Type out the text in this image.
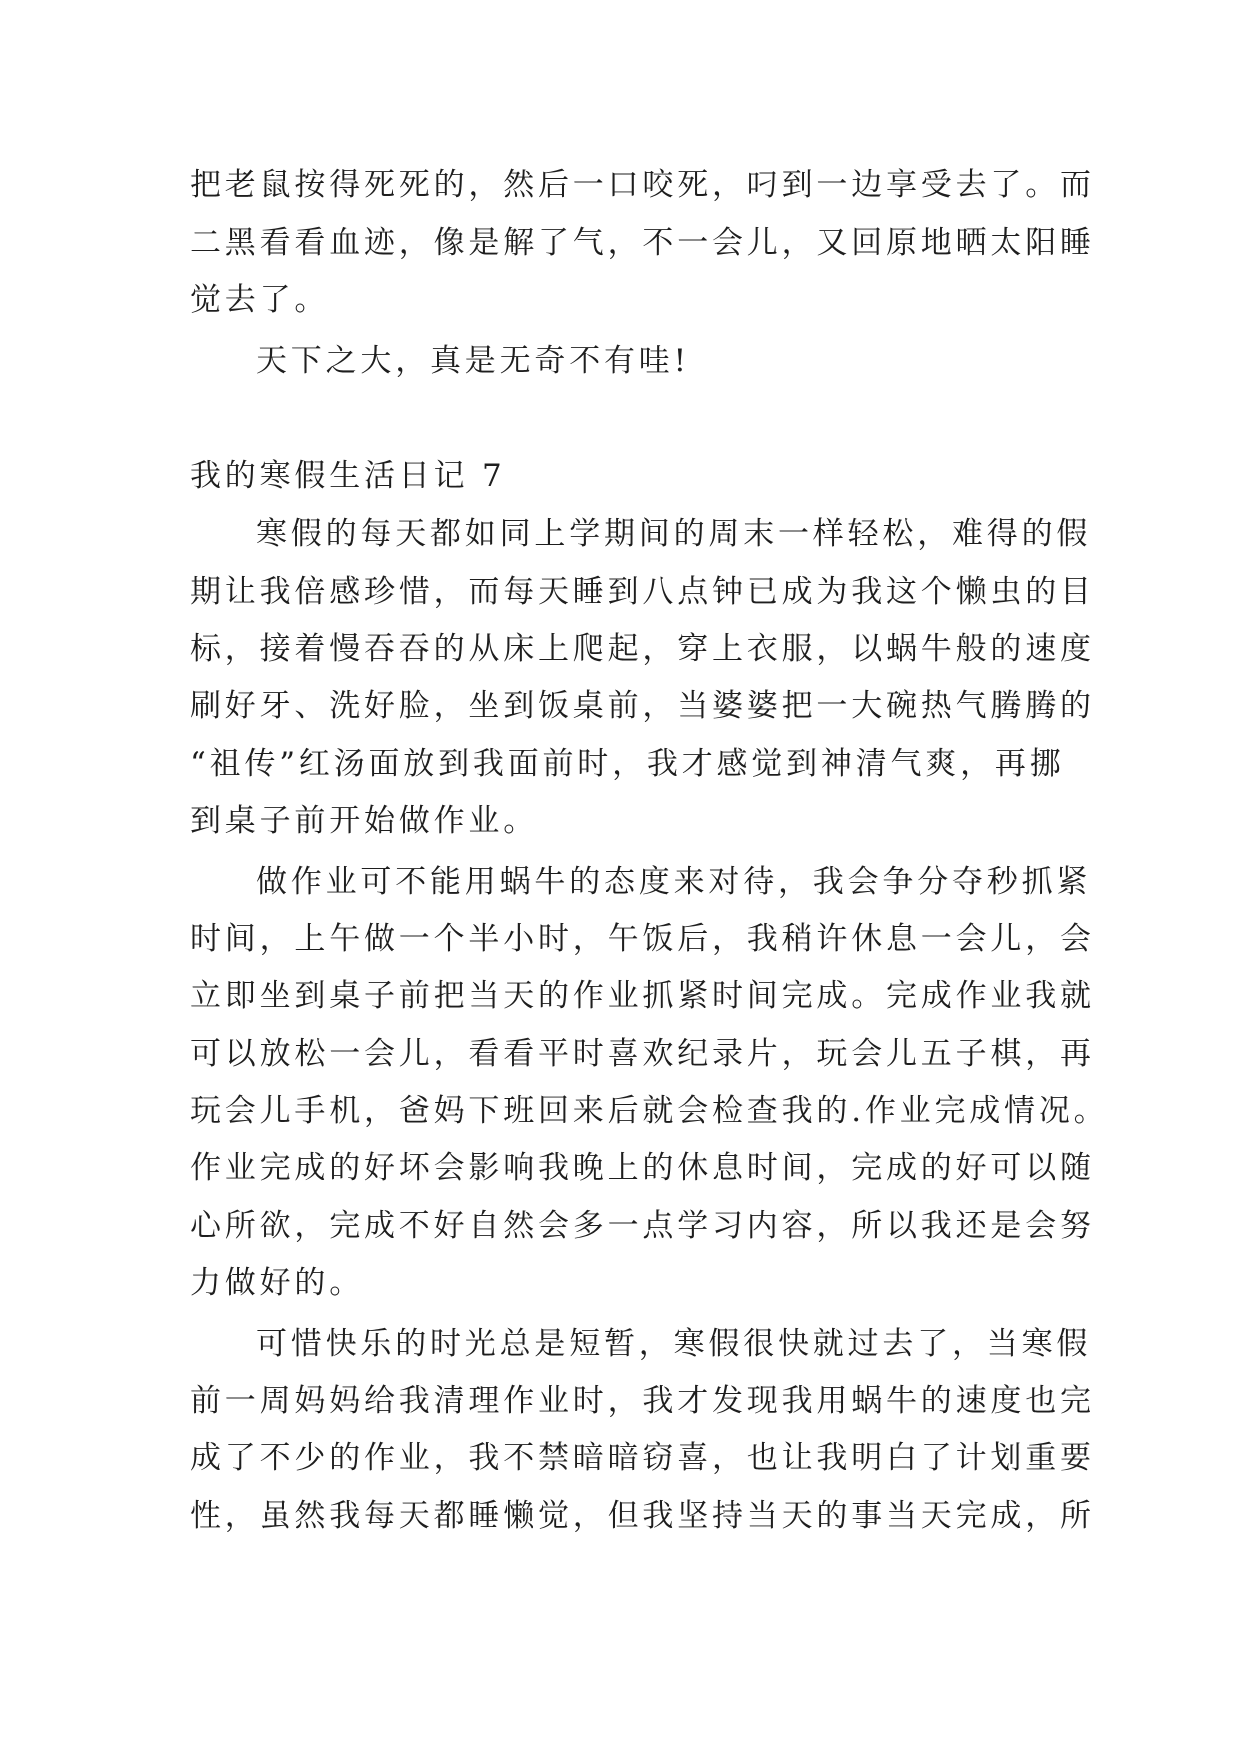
把老鼠按得死死的，然后一口咬死，叼到一边享受去了。而
二黑看看血迹，像是解了气，不一会儿，又回原地晒太阳睡
觉去了。
天下之大，真是无奇不有哇!
我的寒假生活日记 7
寒假的每天都如同上学期间的周末一样轻松，难得的假
期让我倍感珍惜，而每天睡到八点钟已成为我这个懒虫的目
标，接着慢吞吞的从床上爬起，穿上衣服，以蜗牛般的速度
刷好牙、洗好脸，坐到饭桌前，当婆婆把一大碗热气腾腾的
“祖传”红汤面放到我面前时，我才感觉到神清气爽，再挪
到桌子前开始做作业。
做作业可不能用蜗牛的态度来对待，我会争分夺秒抓紧
时间，上午做一个半小时，午饭后，我稍许休息一会儿，会
立即坐到桌子前把当天的作业抓紧时间完成。完成作业我就
可以放松一会儿，看看平时喜欢纪录片，玩会儿五子棋，再
玩会儿手机，爸妈下班回来后就会检查我的.作业完成情况。
作业完成的好坏会影响我晚上的休息时间，完成的好可以随
心所欲，完成不好自然会多一点学习内容，所以我还是会努
力做好的。
可惜快乐的时光总是短暂，寒假很快就过去了，当寒假
前一周妈妈给我清理作业时，我才发现我用蜗牛的速度也完
成了不少的作业，我不禁暗暗窃喜，也让我明白了计划重要
性，虽然我每天都睡懒觉，但我坚持当天的事当天完成，所
